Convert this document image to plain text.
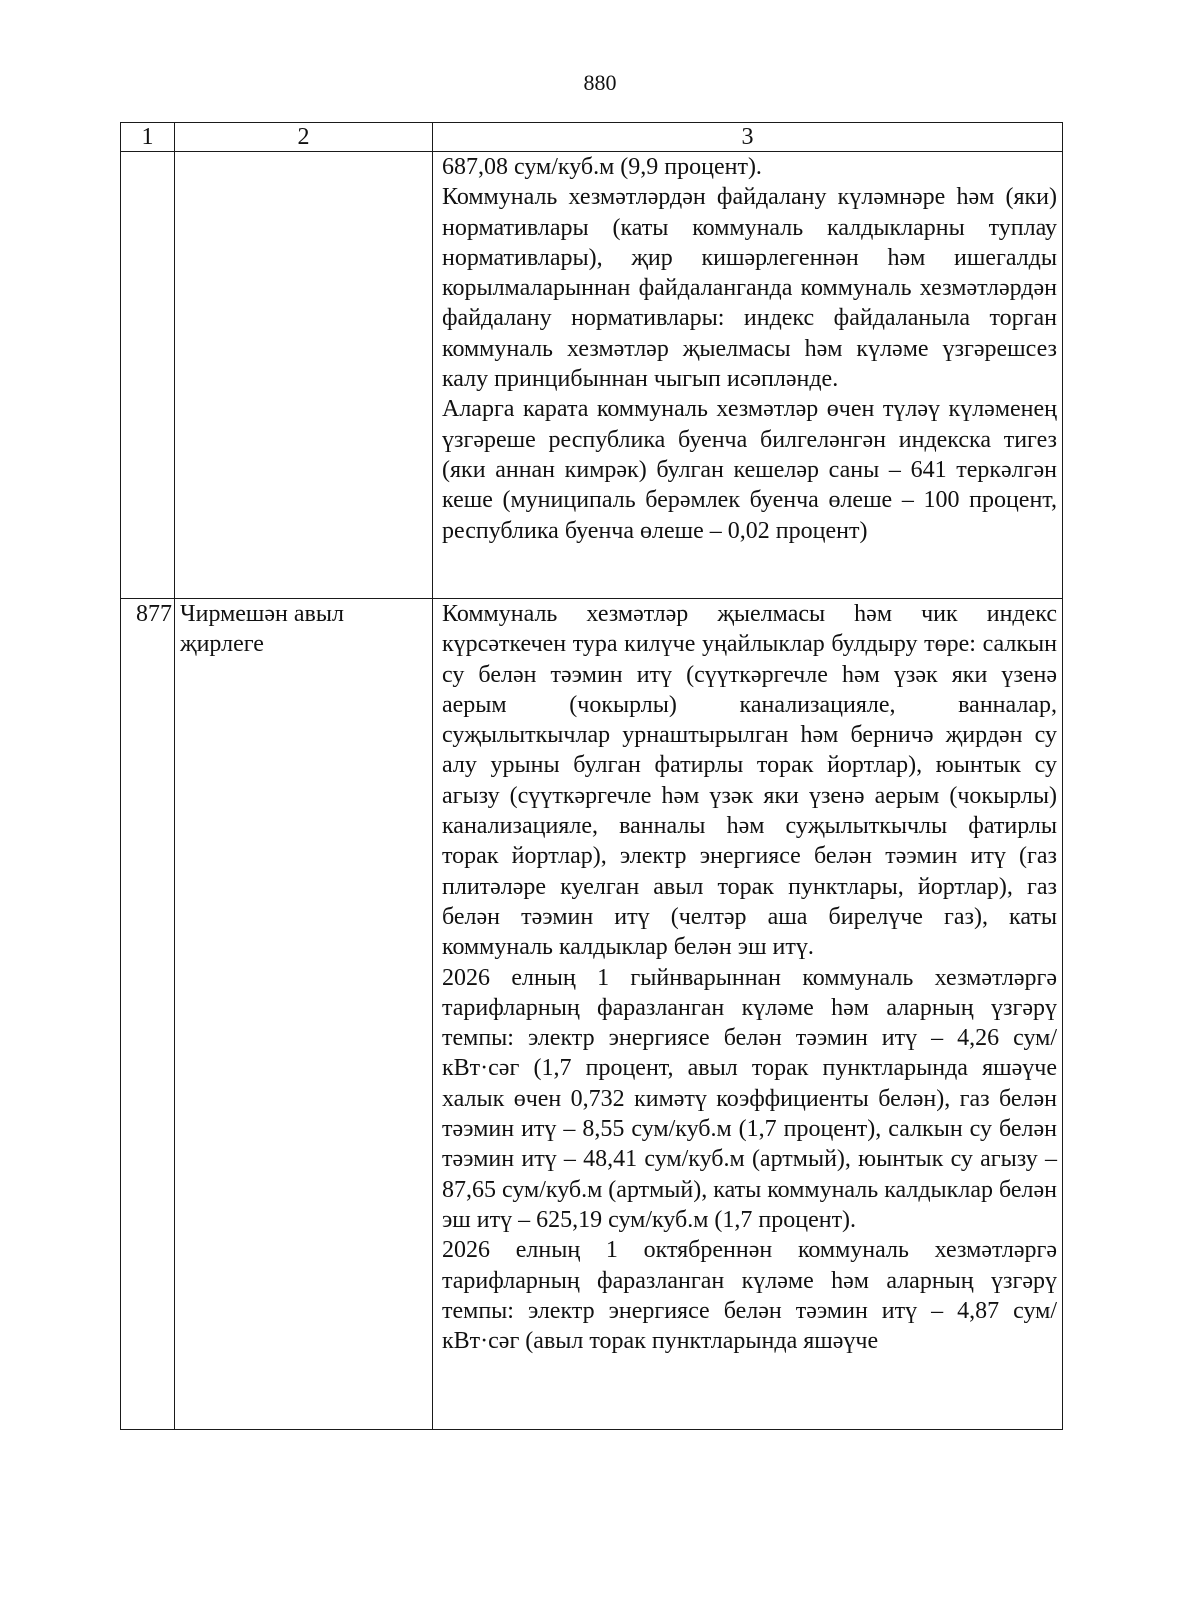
880
1	2	3

		687,08 сум/куб.м (9,9 процент).

Коммуналь хезмәтләрдән файдалану күләмнәре һәм (яки) нормативлары (каты коммуналь калдыкларны туплау нормативлары), җир кишәрлегеннән һәм ишегалды корылмаларыннан файдаланганда коммуналь хезмәтләрдән файдалану нормативлары: индекс файдаланыла торган коммуналь хезмәтләр җыелмасы һәм күләме үзгәрешсез калу принцибыннан чыгып исәпләнде.

Аларга карата коммуналь хезмәтләр өчен түләү күләменең үзгәреше республика буенча билгеләнгән индекска тигез (яки аннан кимрәк) булган кешеләр саны – 641 теркәлгән кеше (муниципаль берәмлек буенча өлеше – 100 процент, республика буенча өлеше – 0,02 процент)

877	Чирмешән авыл җирлеге	Коммуналь хезмәтләр җыелмасы һәм чик индекс күрсәткечен тура килүче уңайлыклар булдыру төре: салкын су белән тәэмин итү (сүүткәргечле һәм үзәк яки үзенә аерым (чокырлы) канализацияле, ванналар, суҗылыткычлар урнаштырылган һәм берничә җирдән су алу урыны булган фатирлы торак йортлар), юынтык су агызу (сүүткәргечле һәм үзәк яки үзенә аерым (чокырлы) канализацияле, ванналы һәм суҗылыткычлы фатирлы торак йортлар), электр энергиясе белән тәэмин итү (газ плитәләре куелган авыл торак пунктлары, йортлар), газ белән тәэмин итү (челтәр аша бирелүче газ), каты коммуналь калдыклар белән эш итү.

2026 елның 1 гыйнварыннан коммуналь хезмәтләргә тарифларның фаразланган күләме һәм аларның үзгәрү темпы: электр энергиясе белән тәэмин итү – 4,26 сум/кВт·сәг (1,7 процент, авыл торак пунктларында яшәүче халык өчен 0,732 кимәтү коэффициенты белән), газ белән тәэмин итү – 8,55 сум/куб.м (1,7 процент), салкын су белән тәэмин итү – 48,41 сум/куб.м (артмый), юынтык су агызу – 87,65 сум/куб.м (артмый), каты коммуналь калдыклар белән эш итү – 625,19 сум/куб.м (1,7 процент).

2026 елның 1 октябреннән коммуналь хезмәтләргә тарифларның фаразланган күләме һәм аларның үзгәрү темпы: электр энергиясе белән тәэмин итү – 4,87 сум/кВт·сәг (авыл торак пунктларында яшәүче
